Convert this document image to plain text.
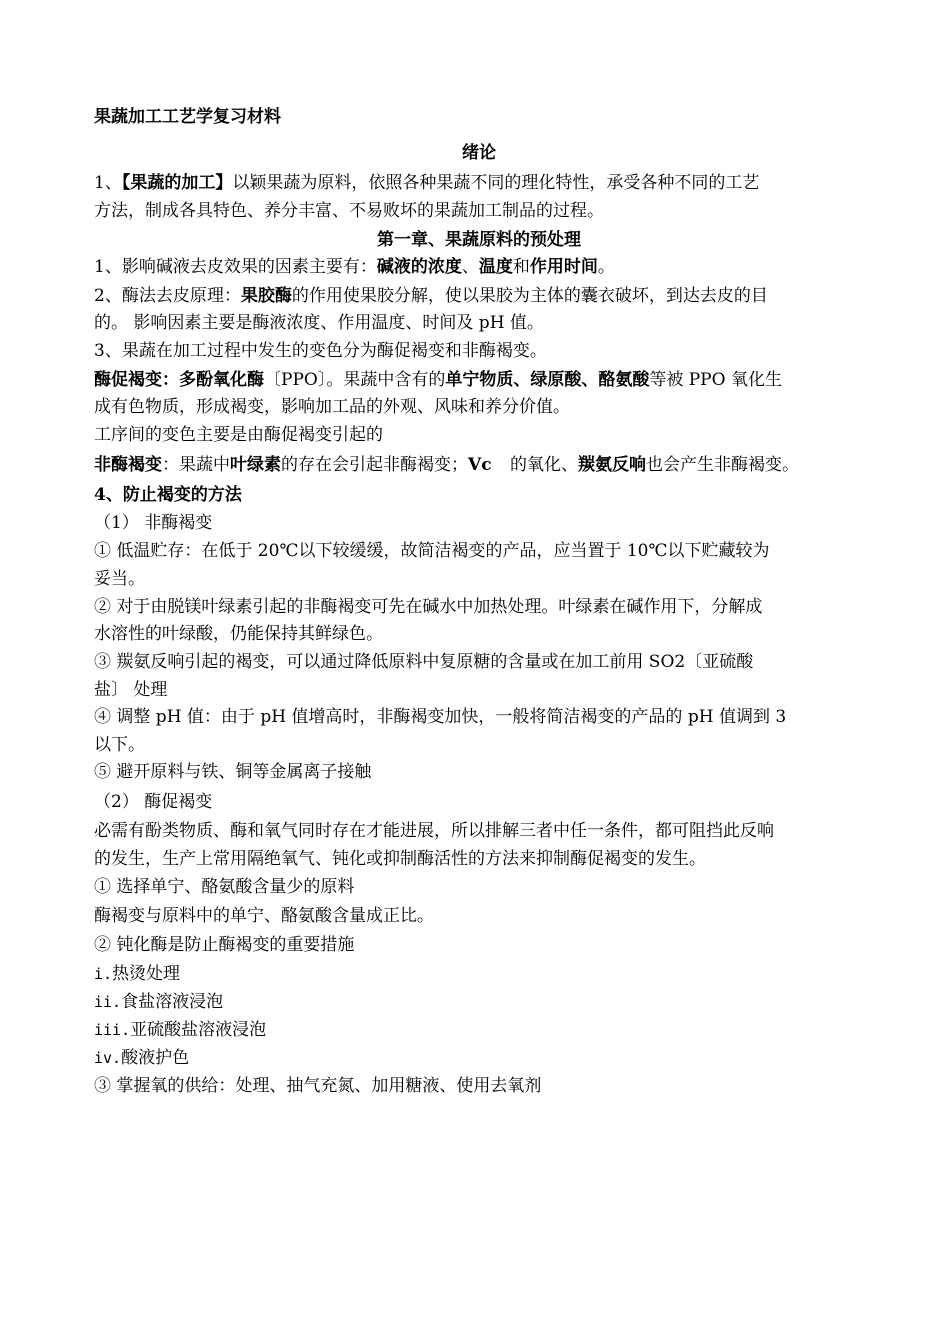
果蔬加工工艺学复习材料
绪论
1、【果蔬的加工】以颖果蔬为原料，依照各种果蔬不同的理化特性，承受各种不同的工艺
方法，制成各具特色、养分丰富、不易败坏的果蔬加工制品的过程。
第一章、果蔬原料的预处理
1、影响碱液去皮效果的因素主要有：碱液的浓度、温度和作用时间。
2、酶法去皮原理：果胶酶的作用使果胶分解，使以果胶为主体的囊衣破坏，到达去皮的目
的。 影响因素主要是酶液浓度、作用温度、时间及 pH 值。
3、果蔬在加工过程中发生的变色分为酶促褐变和非酶褐变。
酶促褐变：多酚氧化酶〔PPO〕。果蔬中含有的单宁物质、绿原酸、酪氨酸等被 PPO 氧化生
成有色物质，形成褐变，影响加工品的外观、风味和养分价值。
工序间的变色主要是由酶促褐变引起的
非酶褐变：果蔬中叶绿素的存在会引起非酶褐变；Vc 的氧化、羰氨反响也会产生非酶褐变。
4、防止褐变的方法
（1） 非酶褐变
① 低温贮存：在低于 20℃以下较缓缓，故简洁褐变的产品，应当置于 10℃以下贮藏较为
妥当。
② 对于由脱镁叶绿素引起的非酶褐变可先在碱水中加热处理。叶绿素在碱作用下，分解成
水溶性的叶绿酸，仍能保持其鲜绿色。
③ 羰氨反响引起的褐变，可以通过降低原料中复原糖的含量或在加工前用 SO2〔亚硫酸
盐〕 处理
④ 调整 pH 值：由于 pH 值增高时，非酶褐变加快，一般将简洁褐变的产品的 pH 值调到 3
以下。
⑤ 避开原料与铁、铜等金属离子接触
（2） 酶促褐变
必需有酚类物质、酶和氧气同时存在才能进展，所以排解三者中任一条件，都可阻挡此反响
的发生，生产上常用隔绝氧气、钝化或抑制酶活性的方法来抑制酶促褐变的发生。
① 选择单宁、酪氨酸含量少的原料
酶褐变与原料中的单宁、酪氨酸含量成正比。
② 钝化酶是防止酶褐变的重要措施
i.热烫处理
ii.食盐溶液浸泡
iii.亚硫酸盐溶液浸泡
iv.酸液护色
③ 掌握氧的供给：处理、抽气充氮、加用糖液、使用去氧剂
